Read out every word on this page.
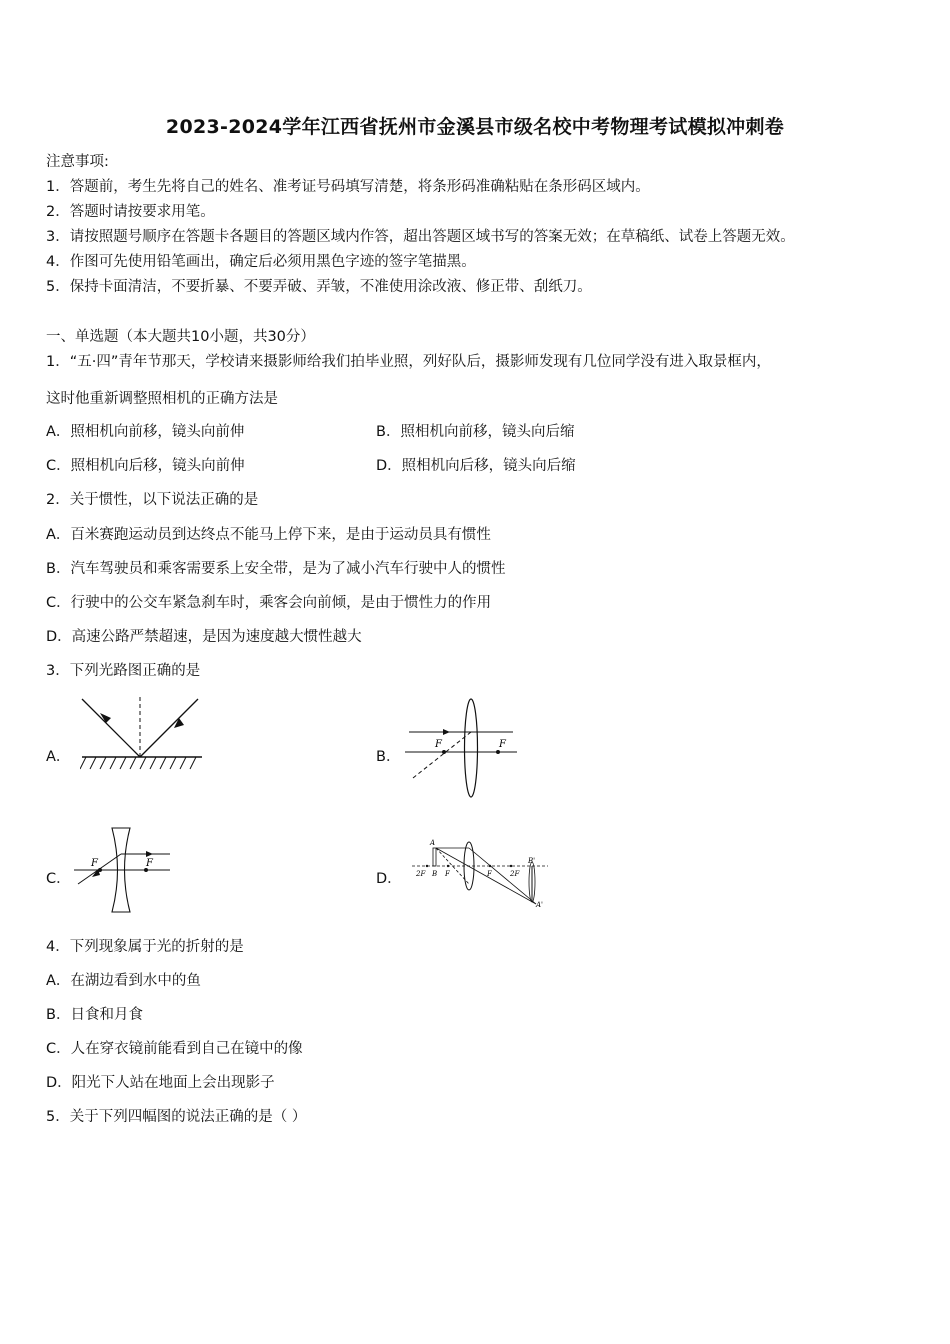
2023-2024学年江西省抚州市金溪县市级名校中考物理考试模拟冲刺卷
注意事项:
1．答题前，考生先将自己的姓名、准考证号码填写清楚，将条形码准确粘贴在条形码区域内。
2．答题时请按要求用笔。
3．请按照题号顺序在答题卡各题目的答题区域内作答，超出答题区域书写的答案无效；在草稿纸、试卷上答题无效。
4．作图可先使用铅笔画出，确定后必须用黑色字迹的签字笔描黑。
5．保持卡面清洁，不要折暴、不要弄破、弄皱，不准使用涂改液、修正带、刮纸刀。
一、单选题（本大题共10小题，共30分）
1．“五·四”青年节那天，学校请来摄影师给我们拍毕业照，列好队后，摄影师发现有几位同学没有进入取景框内，
这时他重新调整照相机的正确方法是
A．照相机向前移，镜头向前伸	B．照相机向前移，镜头向后缩
C．照相机向后移，镜头向前伸	D．照相机向后移，镜头向后缩
2．关于惯性，以下说法正确的是
A．百米赛跑运动员到达终点不能马上停下来，是由于运动员具有惯性
B．汽车驾驶员和乘客需要系上安全带，是为了减小汽车行驶中人的惯性
C．行驶中的公交车紧急刹车时，乘客会向前倾，是由于惯性力的作用
D．高速公路严禁超速，是因为速度越大惯性越大
3．下列光路图正确的是
A．	B．
F	F
C．
F	F
D．
A
2F B F	F	2F
B'
A'
4．下列现象属于光的折射的是
A．在湖边看到水中的鱼
B．日食和月食
C．人在穿衣镜前能看到自己在镜中的像
D．阳光下人站在地面上会出现影子
5．关于下列四幅图的说法正确的是（ ）
